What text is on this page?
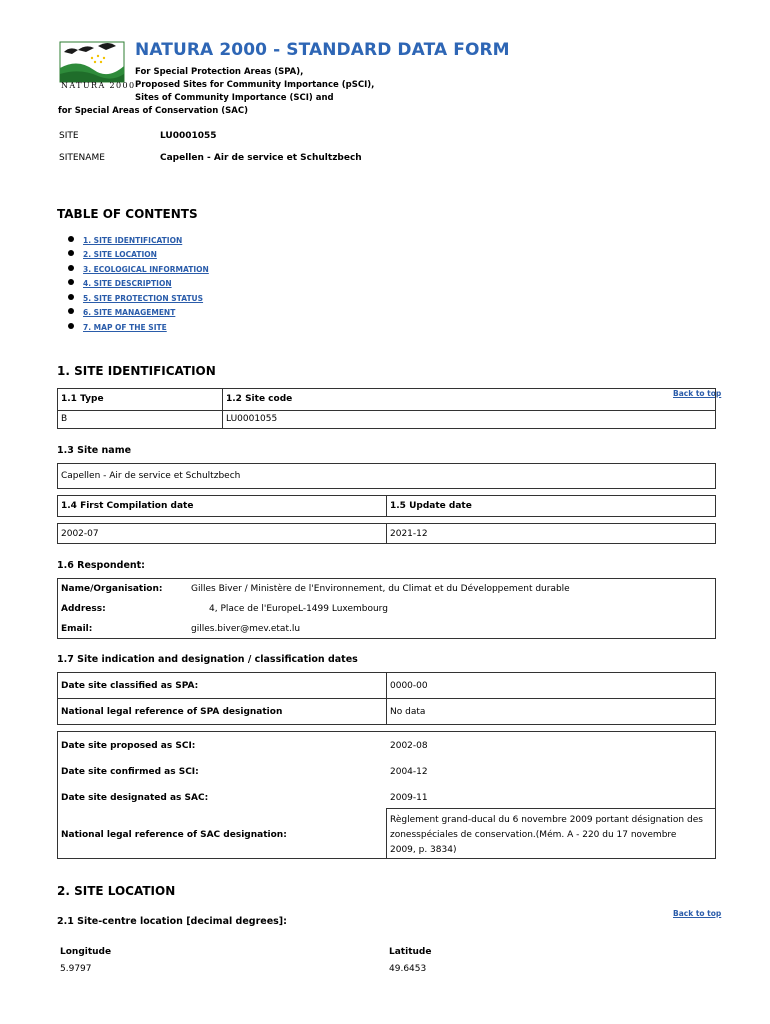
NATURA 2000
NATURA 2000 - STANDARD DATA FORM
For Special Protection Areas (SPA),
Proposed Sites for Community Importance (pSCI),
Sites of Community Importance (SCI) and
for Special Areas of Conservation (SAC)
SITE	LU0001055
SITENAME	Capellen - Air de service et Schultzbech
TABLE OF CONTENTS
1. SITE IDENTIFICATION
2. SITE LOCATION
3. ECOLOGICAL INFORMATION
4. SITE DESCRIPTION
5. SITE PROTECTION STATUS
6. SITE MANAGEMENT
7. MAP OF THE SITE
1. SITE IDENTIFICATION
Back to top
1.1 Type	1.2 Site code
B	LU0001055
1.3 Site name
Capellen - Air de service et Schultzbech
1.4 First Compilation date	1.5 Update date
2002-07	2021-12
1.6 Respondent:
Name/Organisation:	Gilles Biver / Ministère de l'Environnement, du Climat et du Développement durable
Address:	4, Place de l'EuropeL-1499 Luxembourg
Email:	gilles.biver@mev.etat.lu
1.7 Site indication and designation / classification dates
Date site classified as SPA:	0000-00
National legal reference of SPA designation	No data
Date site proposed as SCI:	2002-08
Date site confirmed as SCI:	2004-12
Date site designated as SAC:	2009-11
National legal reference of SAC designation:
Règlement grand-ducal du 6 novembre 2009 portant désignation des
zonesspéciales de conservation.(Mém. A - 220 du 17 novembre
2009, p. 3834)
2. SITE LOCATION
Back to top
2.1 Site-centre location [decimal degrees]:
Longitude	Latitude
5.9797	49.6453
